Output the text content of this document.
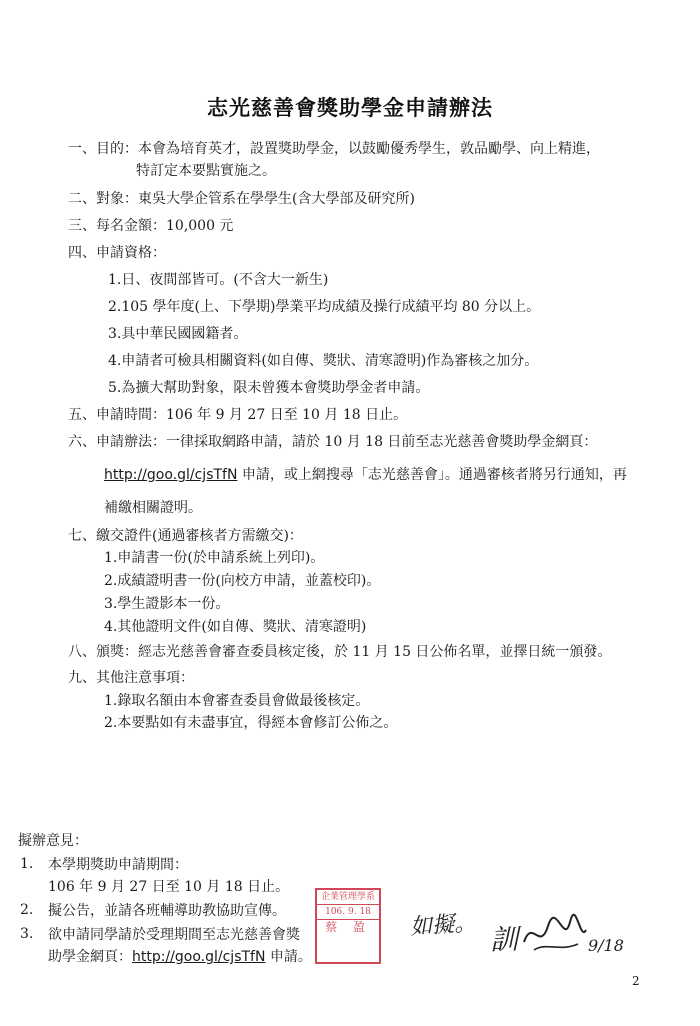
志光慈善會獎助學金申請辦法
一、目的：本會為培育英才，設置獎助學金，以鼓勵優秀學生，敦品勵學、向上精進，
特訂定本要點實施之。
二、對象：東吳大學企管系在學學生(含大學部及研究所)
三、每名金額：10,000 元
四、申請資格：
1.日、夜間部皆可。(不含大一新生)
2.105 學年度(上、下學期)學業平均成績及操行成績平均 80 分以上。
3.具中華民國國籍者。
4.申請者可檢具相關資料(如自傳、獎狀、清寒證明)作為審核之加分。
5.為擴大幫助對象，限未曾獲本會獎助學金者申請。
五、申請時間：106 年 9 月 27 日至 10 月 18 日止。
六、申請辦法：一律採取網路申請，請於 10 月 18 日前至志光慈善會獎助學金網頁：
http://goo.gl/cjsTfN 申請，或上網搜尋「志光慈善會」。通過審核者將另行通知，再
補繳相關證明。
七、繳交證件(通過審核者方需繳交)：
1.申請書一份(於申請系統上列印)。
2.成績證明書一份(向校方申請，並蓋校印)。
3.學生證影本一份。
4.其他證明文件(如自傳、獎狀、清寒證明)
八、頒獎：經志光慈善會審查委員核定後，於 11 月 15 日公佈名單，並擇日統一頒發。
九、其他注意事項：
1.錄取名額由本會審查委員會做最後核定。
2.本要點如有未盡事宜，得經本會修訂公佈之。
擬辦意見：
1. 本學期獎助申請期間：
106 年 9 月 27 日至 10 月 18 日止。
2. 擬公告，並請各班輔導助教協助宣傳。
3. 欲申請同學請於受理期間至志光慈善會獎
助學金網頁：http://goo.gl/cjsTfN 申請。
企業管理學系
106. 9. 18
蔡 盈	如擬。 訓	9/18
2
